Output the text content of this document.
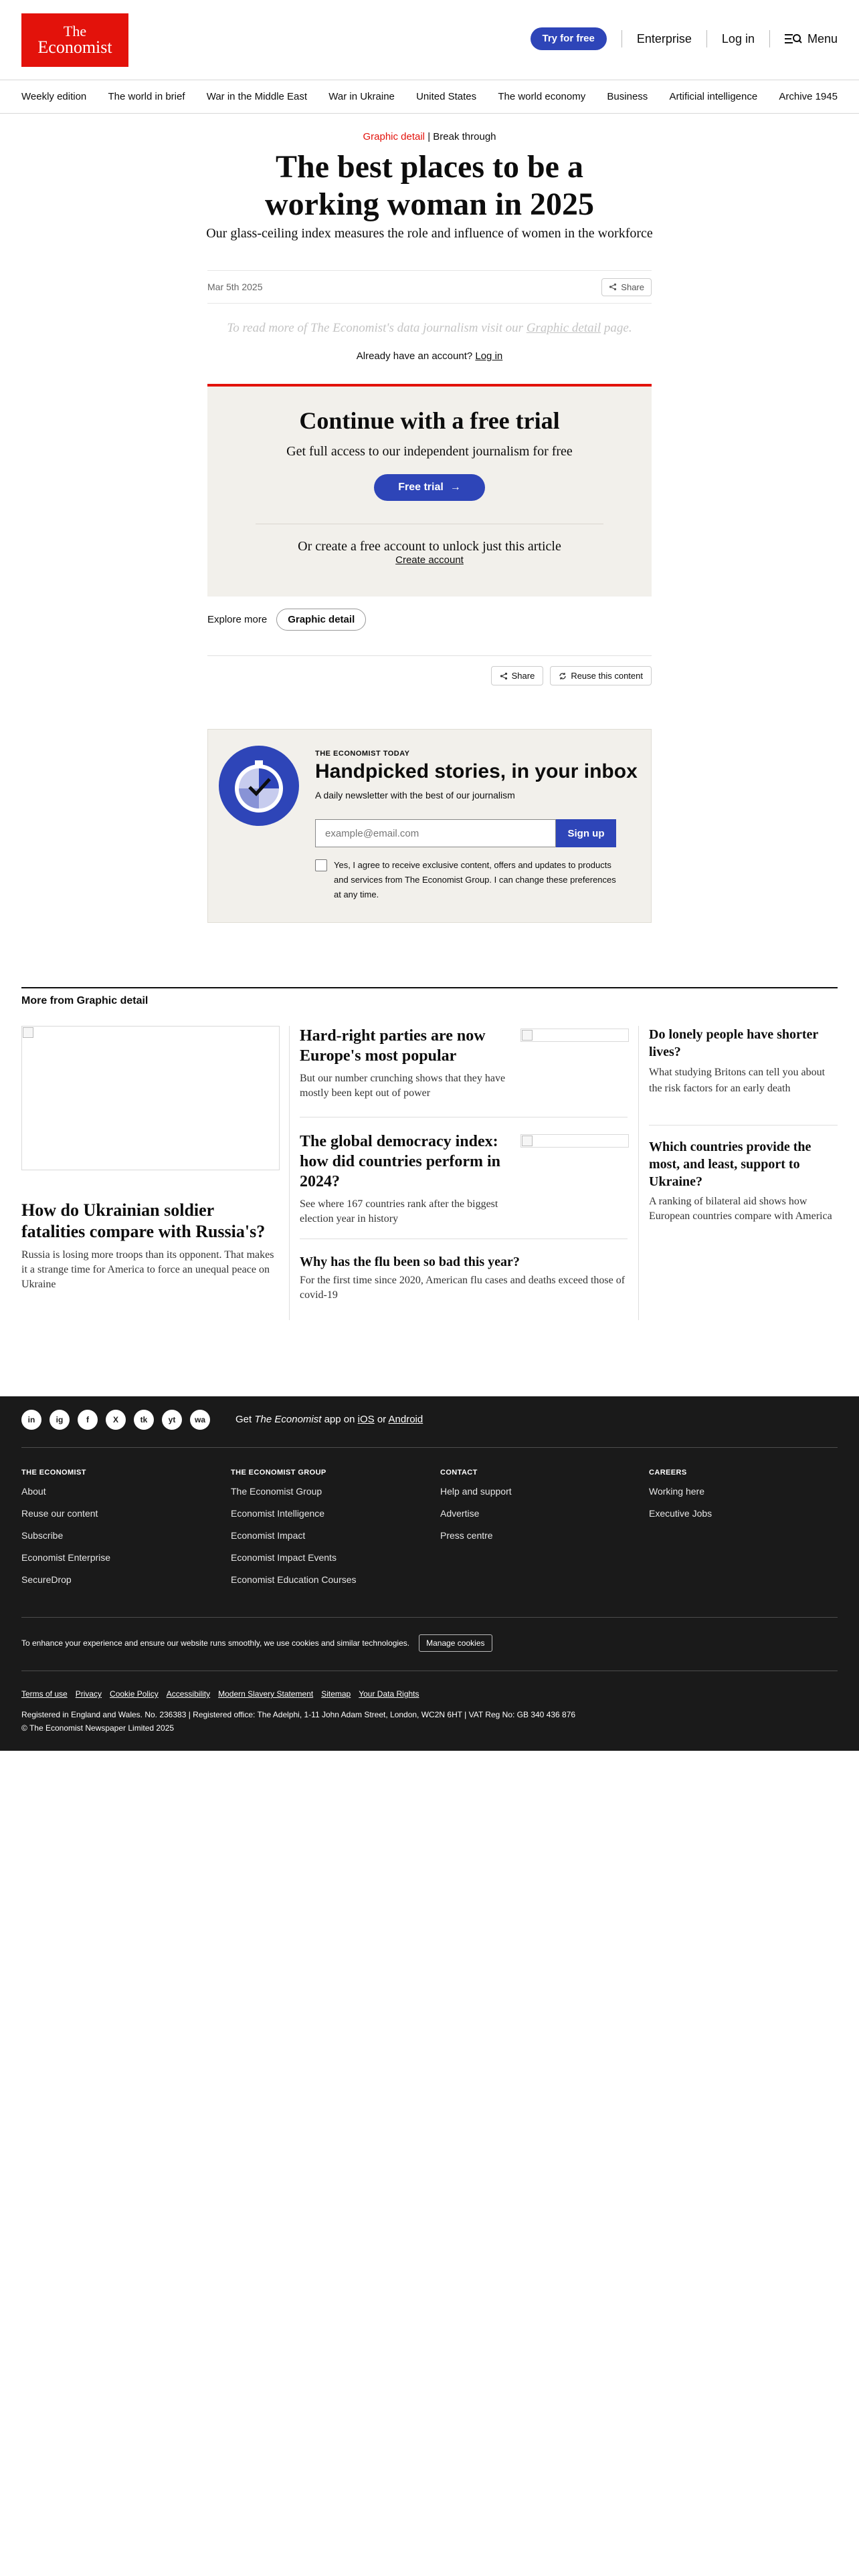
The
Economist	Try for free	Enterprise	Log in	Menu
Weekly edition The world in brief War in the Middle East War in Ukraine United States The world economy Business Artificial intelligence Archive 1945
Graphic detail | Break through
The best places to be a working woman in 2025

Our glass-ceiling index measures the role and influence of women in the workforce

Mar 5th 2025	Share

To read more of The Economist's data journalism visit our Graphic detail page.

Already have an account? Log in

Continue with a free trial

Get full access to our independent journalism for free

Free trial →

Or create a free account to unlock just this article

Create account

Explore more	Graphic detail
Share	Reuse this content
THE ECONOMIST TODAY
Handpicked stories, in your inbox

A daily newsletter with the best of our journalism

example@email.com	Sign up
Yes, I agree to receive exclusive content, offers and updates to products and services from The Economist Group. I can change these preferences at any time.
More from Graphic detail
How do Ukrainian soldier fatalities compare with Russia's?

Russia is losing more troops than its opponent. That makes it a strange time for America to force an unequal peace on Ukraine

Hard-right parties are now Europe's most popular

But our number crunching shows that they have mostly been kept out of power

The global democracy index: how did countries perform in 2024?

See where 167 countries rank after the biggest election year in history

Why has the flu been so bad this year?

For the first time since 2020, American flu cases and deaths exceed those of covid-19

Do lonely people have shorter lives?

What studying Britons can tell you about the risk factors for an early death

Which countries provide the most, and least, support to Ukraine?

A ranking of bilateral aid shows how European countries compare with America

in	ig	f	X	tk	yt	wa	Get The Economist app on iOS or Android

THE ECONOMIST
About
Reuse our content
Subscribe
Economist Enterprise
SecureDrop
THE ECONOMIST GROUP
The Economist Group
Economist Intelligence
Economist Impact
Economist Impact Events
Economist Education Courses
CONTACT
Help and support
Advertise
Press centre
CAREERS
Working here
Executive Jobs
To enhance your experience and ensure our website runs smoothly, we use cookies and similar technologies.	Manage cookies
Terms of use Privacy Cookie Policy Accessibility Modern Slavery Statement Sitemap Your Data Rights
Registered in England and Wales. No. 236383 | Registered office: The Adelphi, 1-11 John Adam Street, London, WC2N 6HT | VAT Reg No: GB 340 436 876
© The Economist Newspaper Limited 2025
